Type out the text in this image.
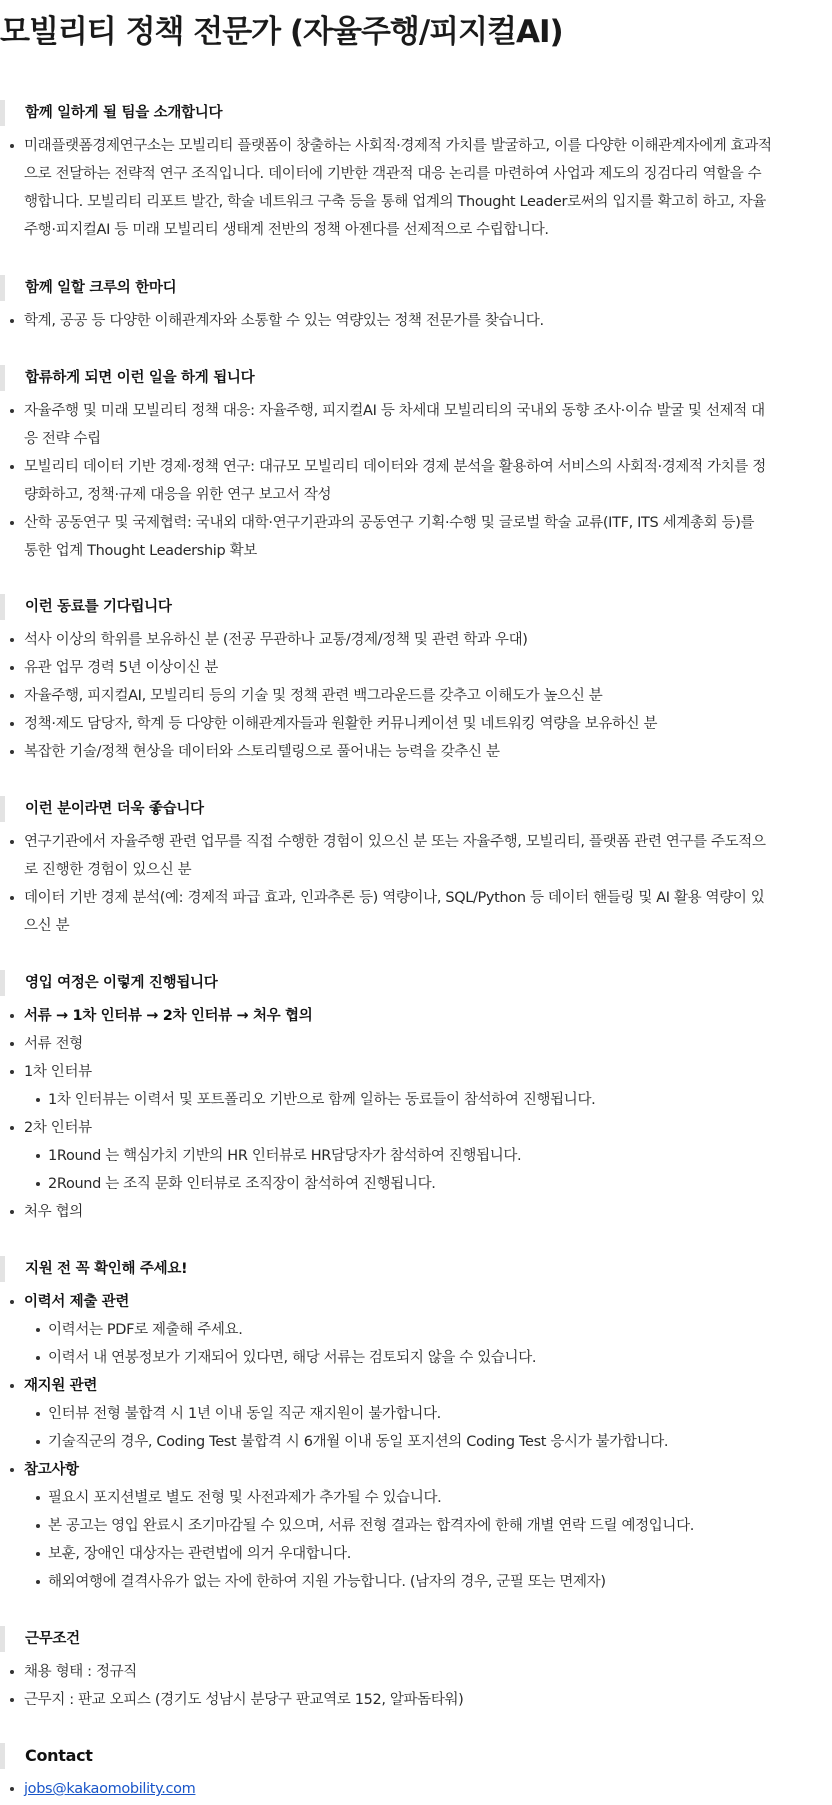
모빌리티 정책 전문가 (자율주행/피지컬AI)
함께 일하게 될 팀을 소개합니다
미래플랫폼경제연구소는 모빌리티 플랫폼이 창출하는 사회적·경제적 가치를 발굴하고, 이를 다양한 이해관계자에게 효과적으로 전달하는 전략적 연구 조직입니다. 데이터에 기반한 객관적 대응 논리를 마련하여 사업과 제도의 징검다리 역할을 수행합니다. 모빌리티 리포트 발간, 학술 네트워크 구축 등을 통해 업계의 Thought Leader로써의 입지를 확고히 하고, 자율주행·피지컬AI 등 미래 모빌리티 생태계 전반의 정책 아젠다를 선제적으로 수립합니다.
함께 일할 크루의 한마디
학계, 공공 등 다양한 이해관계자와 소통할 수 있는 역량있는 정책 전문가를 찾습니다.
합류하게 되면 이런 일을 하게 됩니다
자율주행 및 미래 모빌리티 정책 대응: 자율주행, 피지컬AI 등 차세대 모빌리티의 국내외 동향 조사·이슈 발굴 및 선제적 대응 전략 수립
모빌리티 데이터 기반 경제·정책 연구: 대규모 모빌리티 데이터와 경제 분석을 활용하여 서비스의 사회적·경제적 가치를 정량화하고, 정책·규제 대응을 위한 연구 보고서 작성
산학 공동연구 및 국제협력: 국내외 대학·연구기관과의 공동연구 기획·수행 및 글로벌 학술 교류(ITF, ITS 세계총회 등)를 통한 업계 Thought Leadership 확보
이런 동료를 기다립니다
석사 이상의 학위를 보유하신 분 (전공 무관하나 교통/경제/정책 및 관련 학과 우대)
유관 업무 경력 5년 이상이신 분
자율주행, 피지컬AI, 모빌리티 등의 기술 및 정책 관련 백그라운드를 갖추고 이해도가 높으신 분
정책·제도 담당자, 학계 등 다양한 이해관계자들과 원활한 커뮤니케이션 및 네트워킹 역량을 보유하신 분
복잡한 기술/정책 현상을 데이터와 스토리텔링으로 풀어내는 능력을 갖추신 분
이런 분이라면 더욱 좋습니다
연구기관에서 자율주행 관련 업무를 직접 수행한 경험이 있으신 분 또는 자율주행, 모빌리티, 플랫폼 관련 연구를 주도적으로 진행한 경험이 있으신 분
데이터 기반 경제 분석(예: 경제적 파급 효과, 인과추론 등) 역량이나, SQL/Python 등 데이터 핸들링 및 AI 활용 역량이 있으신 분
영입 여정은 이렇게 진행됩니다
서류 → 1차 인터뷰 → 2차 인터뷰 → 처우 협의
서류 전형
1차 인터뷰
1차 인터뷰는 이력서 및 포트폴리오 기반으로 함께 일하는 동료들이 참석하여 진행됩니다.
2차 인터뷰
1Round 는 핵심가치 기반의 HR 인터뷰로 HR담당자가 참석하여 진행됩니다.
2Round 는 조직 문화 인터뷰로 조직장이 참석하여 진행됩니다.
처우 협의
지원 전 꼭 확인해 주세요!
이력서 제출 관련
이력서는 PDF로 제출해 주세요.
이력서 내 연봉정보가 기재되어 있다면, 해당 서류는 검토되지 않을 수 있습니다.
재지원 관련
인터뷰 전형 불합격 시 1년 이내 동일 직군 재지원이 불가합니다.
기술직군의 경우, Coding Test 불합격 시 6개월 이내 동일 포지션의 Coding Test 응시가 불가합니다.
참고사항
필요시 포지션별로 별도 전형 및 사전과제가 추가될 수 있습니다.
본 공고는 영입 완료시 조기마감될 수 있으며, 서류 전형 결과는 합격자에 한해 개별 연락 드릴 예정입니다.
보훈, 장애인 대상자는 관련법에 의거 우대합니다.
해외여행에 결격사유가 없는 자에 한하여 지원 가능합니다. (남자의 경우, 군필 또는 면제자)
근무조건
채용 형태 : 정규직
근무지 : 판교 오피스 (경기도 성남시 분당구 판교역로 152, 알파돔타워)
Contact
jobs@kakaomobility.com
